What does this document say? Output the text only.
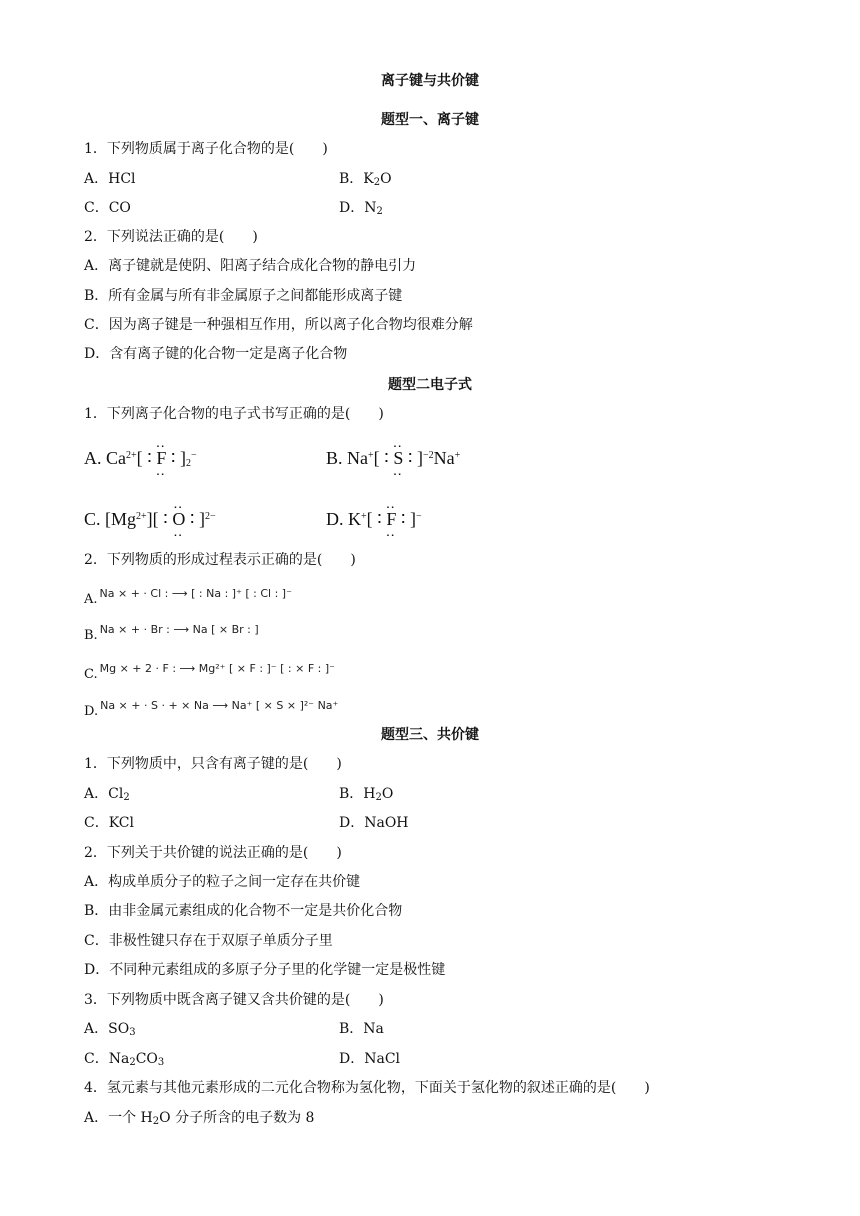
离子键与共价键
题型一、离子键
1．下列物质属于离子化合物的是(　　)
A．HCl	B．$K_2O$
C．CO	D．$N_2$
2．下列说法正确的是(　　)
A．离子键就是使阴、阳离子结合成化合物的静电引力
B．所有金属与所有非金属原子之间都能形成离子键
C．因为离子键是一种强相互作用，所以离子化合物均很难分解
D．含有离子键的化合物一定是离子化合物
题型二电子式
1．下列离子化合物的电子式书写正确的是(　　)
A. $Ca^{2+}$[ ∶ ‥ F ‥ ∶ ]$_2^-$	B. Na+[ ∶ ‥ S ‥ ∶ ]$^{-2}$Na+
C. $[Mg^{2+}]$[ ∶ ‥ O ‥ ∶ ]$^{2-}$	D. K+[ ∶ ‥ F ‥ ∶ ]−
2．下列物质的形成过程表示正确的是(　　)
A. $^{Na \times + \cdot Cl : ⟶ [ : Na : ]^+ [ : Cl : ]^-}$
B. $^{Na \times + \cdot Br : ⟶ Na [ \times Br : ]}$
C. $^{Mg \times + 2 \cdot F : ⟶ Mg^{2+} [ \times F : ]^- [ : \times F : ]^-}$
D. $^{Na \times + \cdot S \cdot + \times Na ⟶ Na^+ [ \times S \times ]^{2-} Na^+}$
题型三、共价键
1．下列物质中，只含有离子键的是(　　)
A．$Cl_2$	B．$H_2O$
C．KCl	D．NaOH
2．下列关于共价键的说法正确的是(　　)
A．构成单质分子的粒子之间一定存在共价键
B．由非金属元素组成的化合物不一定是共价化合物
C．非极性键只存在于双原子单质分子里
D．不同种元素组成的多原子分子里的化学键一定是极性键
3．下列物质中既含离子键又含共价键的是(　　)
A．$SO_3$	B．Na
C．$Na_2CO_3$	D．NaCl
4．氢元素与其他元素形成的二元化合物称为氢化物，下面关于氢化物的叙述正确的是(　　)
A．一个 $H_2O$ 分子所含的电子数为 8
